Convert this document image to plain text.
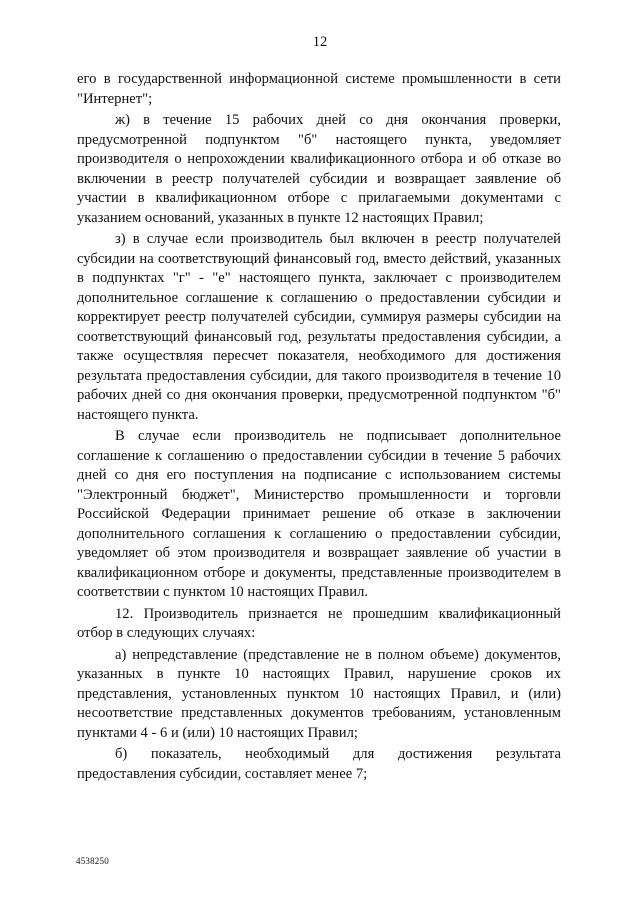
12

его в государственной информационной системе промышленности в сети "Интернет";

ж) в течение 15 рабочих дней со дня окончания проверки, предусмотренной подпунктом "б" настоящего пункта, уведомляет производителя о непрохождении квалификационного отбора и об отказе во включении в реестр получателей субсидии и возвращает заявление об участии в квалификационном отборе с прилагаемыми документами с указанием оснований, указанных в пункте 12 настоящих Правил;

з) в случае если производитель был включен в реестр получателей субсидии на соответствующий финансовый год, вместо действий, указанных в подпунктах "г" - "е" настоящего пункта, заключает с производителем дополнительное соглашение к соглашению о предоставлении субсидии и корректирует реестр получателей субсидии, суммируя размеры субсидии на соответствующий финансовый год, результаты предоставления субсидии, а также осуществляя пересчет показателя, необходимого для достижения результата предоставления субсидии, для такого производителя в течение 10 рабочих дней со дня окончания проверки, предусмотренной подпунктом "б" настоящего пункта.

В случае если производитель не подписывает дополнительное соглашение к соглашению о предоставлении субсидии в течение 5 рабочих дней со дня его поступления на подписание с использованием системы "Электронный бюджет", Министерство промышленности и торговли Российской Федерации принимает решение об отказе в заключении дополнительного соглашения к соглашению о предоставлении субсидии, уведомляет об этом производителя и возвращает заявление об участии в квалификационном отборе и документы, представленные производителем в соответствии с пунктом 10 настоящих Правил.

12. Производитель признается не прошедшим квалификационный отбор в следующих случаях:

а) непредставление (представление не в полном объеме) документов, указанных в пункте 10 настоящих Правил, нарушение сроков их представления, установленных пунктом 10 настоящих Правил, и (или) несоответствие представленных документов требованиям, установленным пунктами 4 - 6 и (или) 10 настоящих Правил;

б) показатель, необходимый для достижения результата предоставления субсидии, составляет менее 7;

4538250
